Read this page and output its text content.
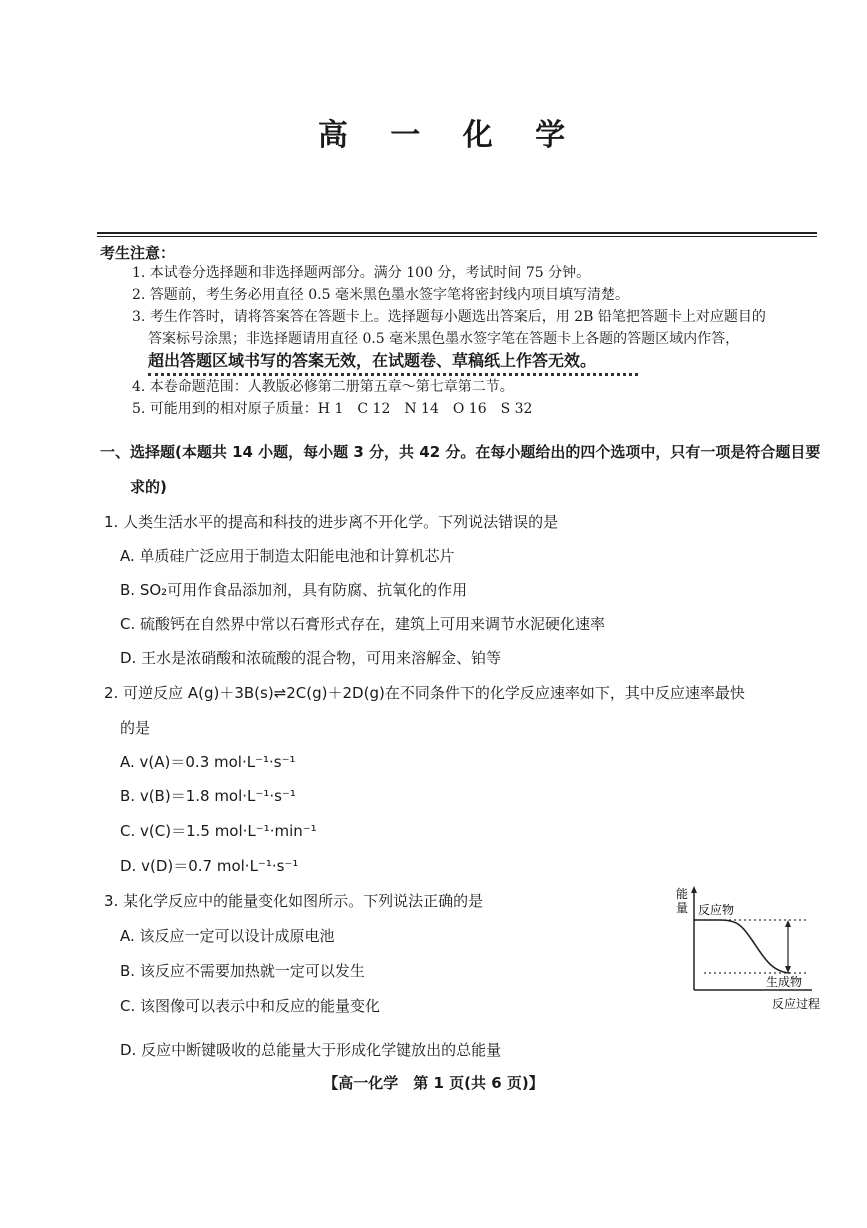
高 一 化 学
考生注意：
1. 本试卷分选择题和非选择题两部分。满分 100 分，考试时间 75 分钟。
2. 答题前，考生务必用直径 0.5 毫米黑色墨水签字笔将密封线内项目填写清楚。
3. 考生作答时，请将答案答在答题卡上。选择题每小题选出答案后，用 2B 铅笔把答题卡上对应题目的
答案标号涂黑；非选择题请用直径 0.5 毫米黑色墨水签字笔在答题卡上各题的答题区域内作答，
超出答题区域书写的答案无效，在试题卷、草稿纸上作答无效。
4. 本卷命题范围：人教版必修第二册第五章～第七章第二节。
5. 可能用到的相对原子质量：H 1　C 12　N 14　O 16　S 32
一、选择题(本题共 14 小题，每小题 3 分，共 42 分。在每小题给出的四个选项中，只有一项是符合题目要
求的)
1. 人类生活水平的提高和科技的进步离不开化学。下列说法错误的是
A. 单质硅广泛应用于制造太阳能电池和计算机芯片
B. SO₂可用作食品添加剂，具有防腐、抗氧化的作用
C. 硫酸钙在自然界中常以石膏形式存在，建筑上可用来调节水泥硬化速率
D. 王水是浓硝酸和浓硫酸的混合物，可用来溶解金、铂等
2. 可逆反应 A(g)＋3B(s)⇌2C(g)＋2D(g)在不同条件下的化学反应速率如下，其中反应速率最快
的是
A. v(A)＝0.3 mol·L⁻¹·s⁻¹
B. v(B)＝1.8 mol·L⁻¹·s⁻¹
C. v(C)＝1.5 mol·L⁻¹·min⁻¹
D. v(D)＝0.7 mol·L⁻¹·s⁻¹
3. 某化学反应中的能量变化如图所示。下列说法正确的是
A. 该反应一定可以设计成原电池
B. 该反应不需要加热就一定可以发生
C. 该图像可以表示中和反应的能量变化
D. 反应中断键吸收的总能量大于形成化学键放出的总能量
能
量 反应物
生成物
反应过程
【高一化学　第 1 页(共 6 页)】
